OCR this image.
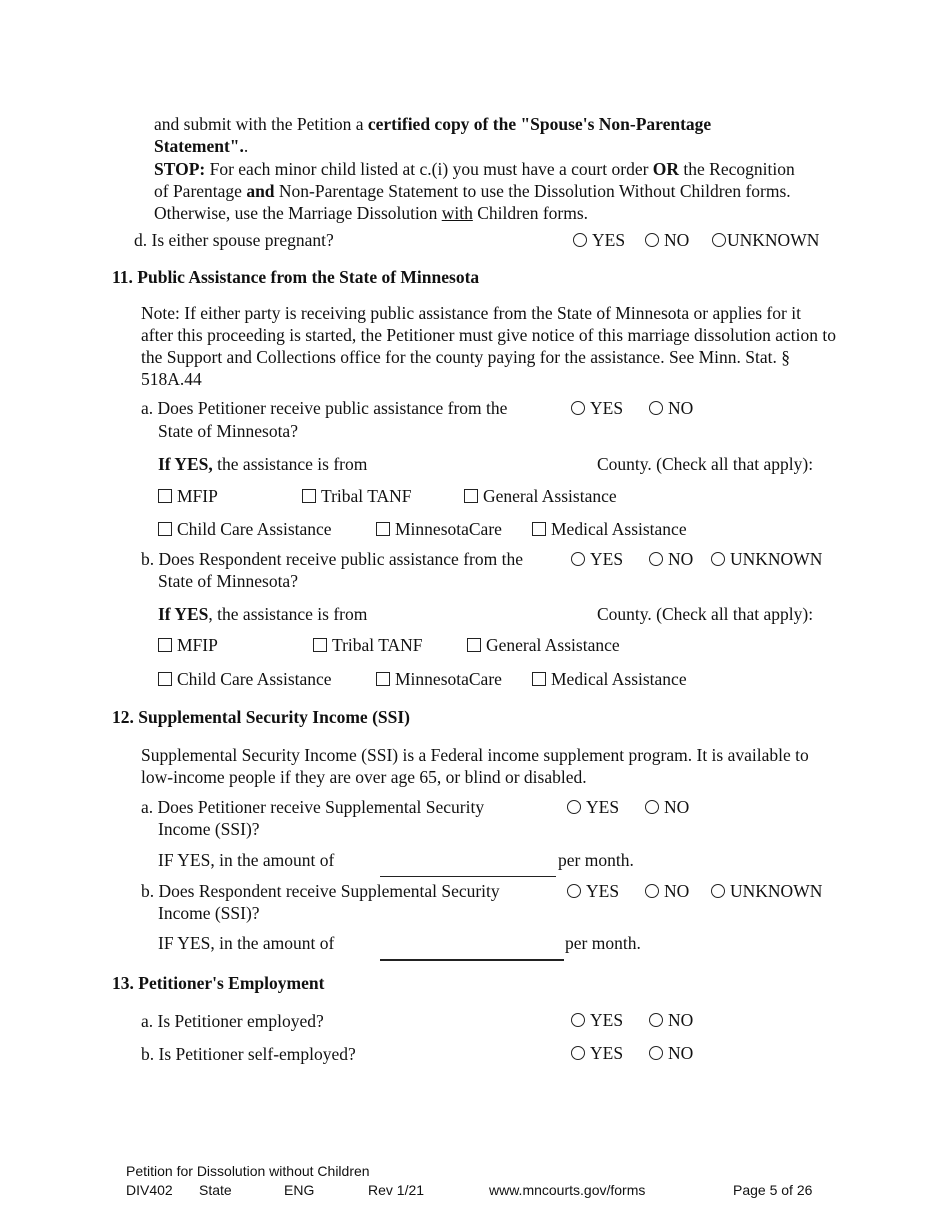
and submit with the Petition a certified copy of the "Spouse's Non-Parentage
Statement"..
STOP: For each minor child listed at c.(i) you must have a court order OR the Recognition
of Parentage and Non-Parentage Statement to use the Dissolution Without Children forms.
Otherwise, use the Marriage Dissolution with Children forms.
d. Is either spouse pregnant?	YES	NO	UNKNOWN
11. Public Assistance from the State of Minnesota
Note: If either party is receiving public assistance from the State of Minnesota or applies for it after this proceeding is started, the Petitioner must give notice of this marriage dissolution action to the Support and Collections office for the county paying for the assistance. See Minn. Stat. § 518A.44
a. Does Petitioner receive public assistance from the
State of Minnesota?
YES	NO
If YES, the assistance is from	County. (Check all that apply):
MFIP	Tribal TANF	General Assistance
Child Care Assistance	MinnesotaCare	Medical Assistance
b. Does Respondent receive public assistance from the
State of Minnesota?
YES	NO	UNKNOWN
If YES, the assistance is from	County. (Check all that apply):
MFIP	Tribal TANF	General Assistance
Child Care Assistance	MinnesotaCare	Medical Assistance
12. Supplemental Security Income (SSI)
Supplemental Security Income (SSI) is a Federal income supplement program. It is available to low-income people if they are over age 65, or blind or disabled.
a. Does Petitioner receive Supplemental Security
Income (SSI)?
YES	NO
IF YES, in the amount of	per month.
b. Does Respondent receive Supplemental Security
Income (SSI)?
YES	NO	UNKNOWN
IF YES, in the amount of	per month.
13. Petitioner's Employment
a. Is Petitioner employed?	YES	NO
b. Is Petitioner self-employed?	YES	NO
Petition for Dissolution without Children
DIV402 State	ENG	Rev 1/21	www.mncourts.gov/forms	Page 5 of 26
